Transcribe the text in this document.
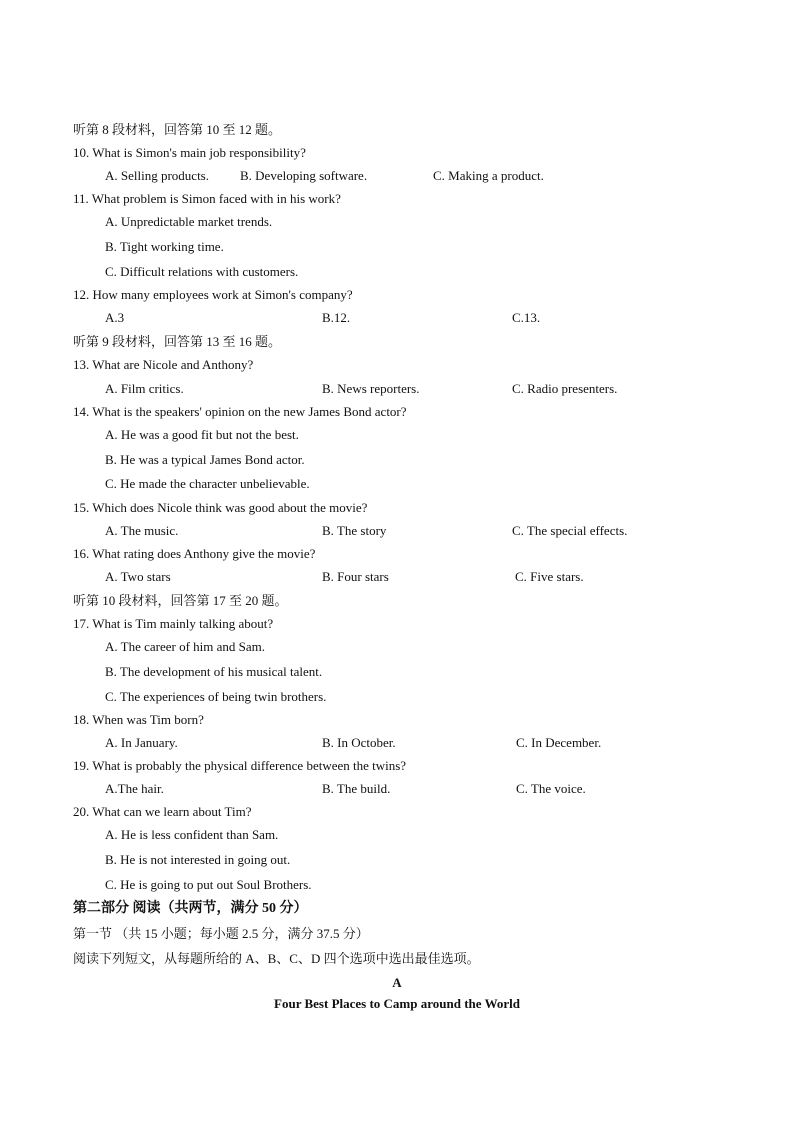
听第 8 段材料，回答第 10 至 12 题。
10. What is Simon's main job responsibility?
A. Selling products. B. Developing software.	C. Making a product.
11. What problem is Simon faced with in his work?
A. Unpredictable market trends.
B. Tight working time.
C. Difficult relations with customers.
12. How many employees work at Simon's company?
A.3	B.12.	C.13.
听第 9 段材料，回答第 13 至 16 题。
13. What are Nicole and Anthony?
A. Film critics.	B. News reporters.	C. Radio presenters.
14. What is the speakers' opinion on the new James Bond actor?
A. He was a good fit but not the best.
B. He was a typical James Bond actor.
C. He made the character unbelievable.
15. Which does Nicole think was good about the movie?
A. The music.	B. The story	C. The special effects.
16. What rating does Anthony give the movie?
A. Two stars	B. Four stars	C. Five stars.
听第 10 段材料，回答第 17 至 20 题。
17. What is Tim mainly talking about?
A. The career of him and Sam.
B. The development of his musical talent.
C. The experiences of being twin brothers.
18. When was Tim born?
A. In January.	B. In October.	C. In December.
19. What is probably the physical difference between the twins?
A.The hair.	B. The build.	C. The voice.
20. What can we learn about Tim?
A. He is less confident than Sam.
B. He is not interested in going out.
C. He is going to put out Soul Brothers.
第二部分 阅读（共两节，满分 50 分）
第一节 （共 15 小题；每小题 2.5 分，满分 37.5 分）
阅读下列短文，从每题所给的 A、B、C、D 四个选项中选出最佳选项。
A
Four Best Places to Camp around the World
